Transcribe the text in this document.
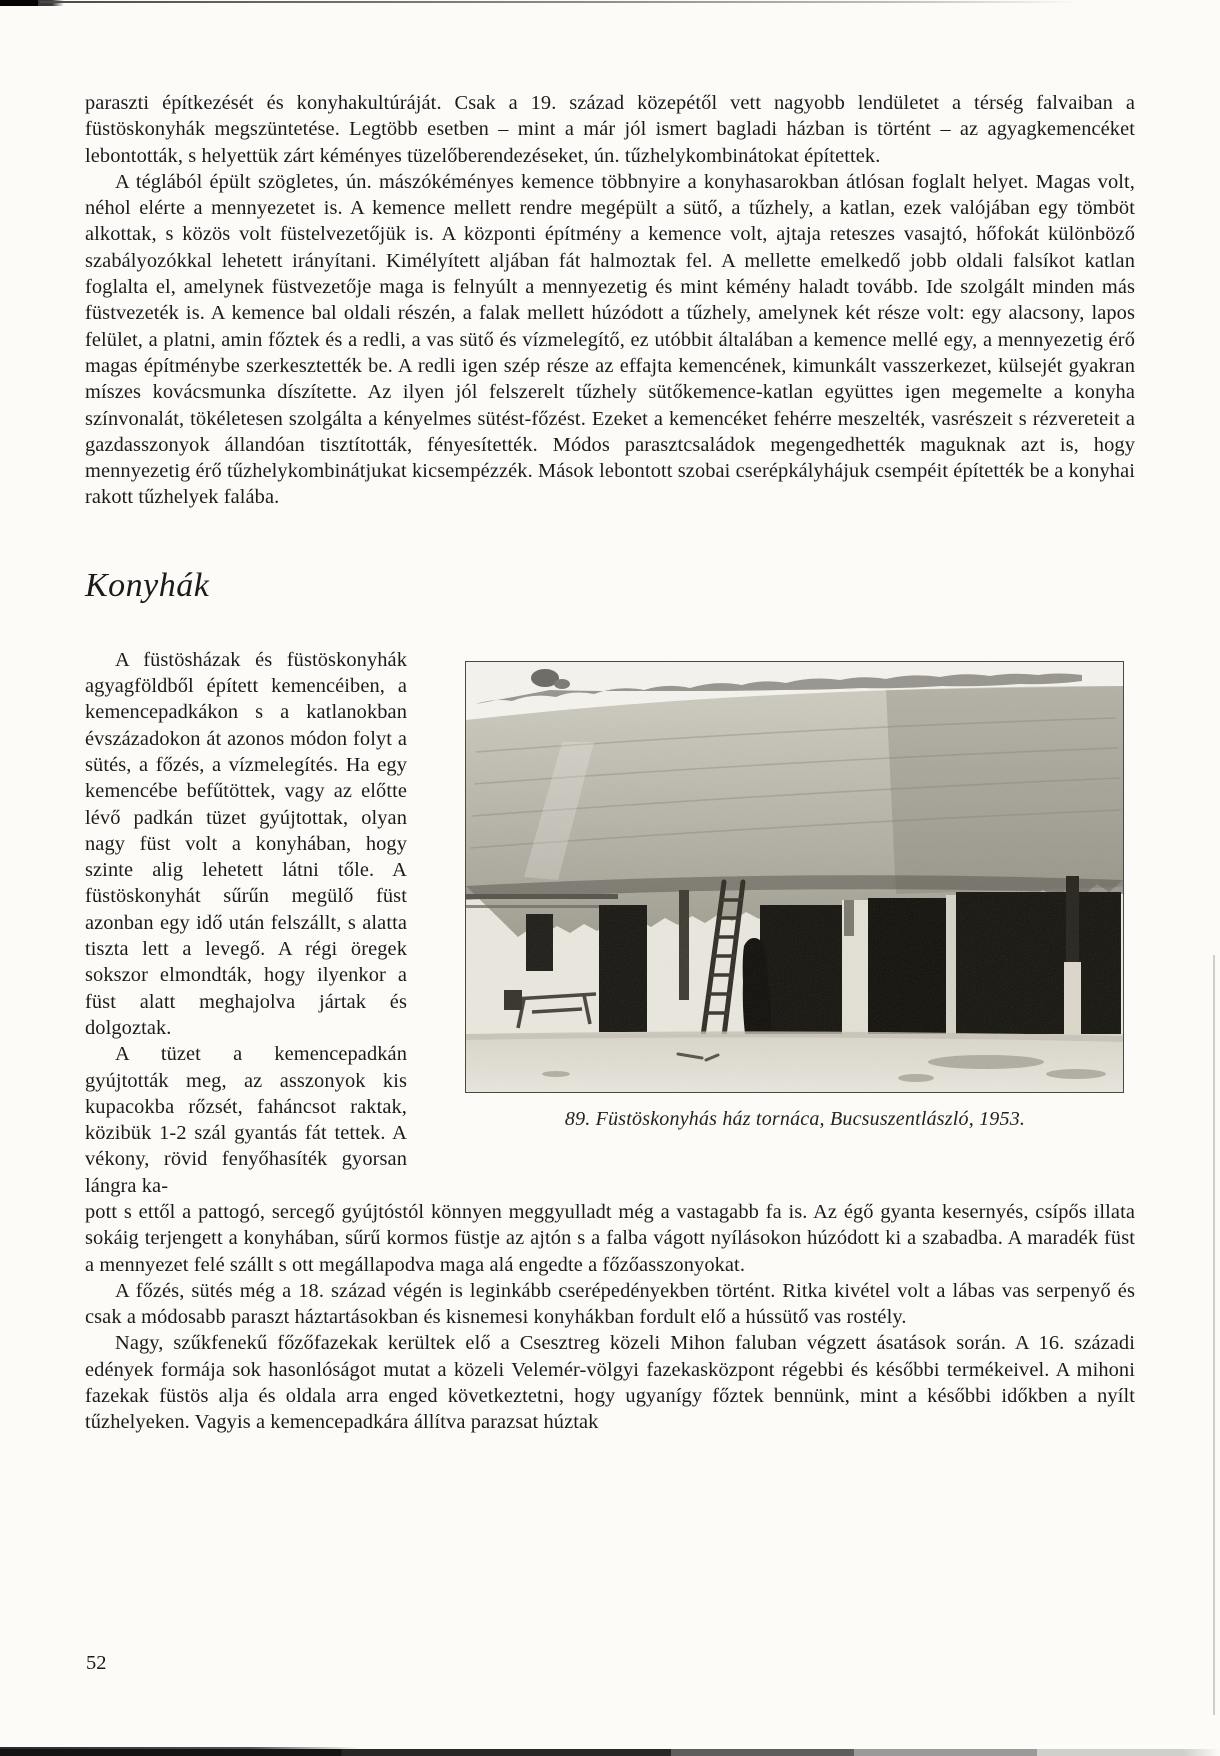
paraszti építkezését és konyhakultúráját. Csak a 19. század közepétől vett nagyobb lendületet a térség falvaiban a füstöskonyhák megszüntetése. Legtöbb esetben – mint a már jól ismert bagladi házban is történt – az agyagkemencéket lebontották, s helyettük zárt kéményes tüzelőberendezéseket, ún. tűzhelykombinátokat építettek.

A téglából épült szögletes, ún. mászókéményes kemence többnyire a konyhasarokban átlósan foglalt helyet. Magas volt, néhol elérte a mennyezetet is. A kemence mellett rendre megépült a sütő, a tűzhely, a katlan, ezek valójában egy tömböt alkottak, s közös volt füstelvezetőjük is. A központi építmény a kemence volt, ajtaja reteszes vasajtó, hőfokát különböző szabályozókkal lehetett irányítani. Kimélyített aljában fát halmoztak fel. A mellette emelkedő jobb oldali falsíkot katlan foglalta el, amelynek füstvezetője maga is felnyúlt a mennyezetig és mint kémény haladt tovább. Ide szolgált minden más füstvezeték is. A kemence bal oldali részén, a falak mellett húzódott a tűzhely, amelynek két része volt: egy alacsony, lapos felület, a platni, amin főztek és a redli, a vas sütő és vízmelegítő, ez utóbbit általában a kemence mellé egy, a mennyezetig érő magas építménybe szerkesztették be. A redli igen szép része az effajta kemencének, kimunkált vasszerkezet, külsejét gyakran míszes kovácsmunka díszítette. Az ilyen jól felszerelt tűzhely sütőkemence-katlan együttes igen megemelte a konyha színvonalát, tökéletesen szolgálta a kényelmes sütést-főzést. Ezeket a kemencéket fehérre meszelték, vasrészeit s rézvereteit a gazdasszonyok állandóan tisztították, fényesítették. Módos parasztcsaládok megengedhették maguknak azt is, hogy mennyezetig érő tűzhelykombinátjukat kicsempézzék. Mások lebontott szobai cserépkályhájuk csempéit építették be a konyhai rakott tűzhelyek falába.

Konyhák

A füstösházak és füstöskonyhák agyagföldből épített kemencéiben, a kemencepadkákon s a katlanokban évszázadokon át azonos módon folyt a sütés, a főzés, a vízmelegítés. Ha egy kemencébe befűtöttek, vagy az előtte lévő padkán tüzet gyújtottak, olyan nagy füst volt a konyhában, hogy szinte alig lehetett látni tőle. A füstöskonyhát sűrűn megülő füst azonban egy idő után felszállt, s alatta tiszta lett a levegő. A régi öregek sokszor elmondták, hogy ilyenkor a füst alatt meghajolva jártak és dolgoztak.

A tüzet a kemencepadkán gyújtották meg, az asszonyok kis kupacokba rőzsét, faháncsot raktak, közibük 1-2 szál gyantás fát tettek. A vékony, rövid fenyőhasíték gyorsan lángra ka-

89. Füstöskonyhás ház tornáca, Bucsuszentlászló, 1953.

pott s ettől a pattogó, sercegő gyújtóstól könnyen meggyulladt még a vastagabb fa is. Az égő gyanta kesernyés, csípős illata sokáig terjengett a konyhában, sűrű kormos füstje az ajtón s a falba vágott nyílásokon húzódott ki a szabadba. A maradék füst a mennyezet felé szállt s ott megállapodva maga alá engedte a főzőasszonyokat.

A főzés, sütés még a 18. század végén is leginkább cserépedényekben történt. Ritka kivétel volt a lábas vas serpenyő és csak a módosabb paraszt háztartásokban és kisnemesi konyhákban fordult elő a hússütő vas rostély.

Nagy, szűkfenekű főzőfazekak kerültek elő a Csesztreg közeli Mihon faluban végzett ásatások során. A 16. századi edények formája sok hasonlóságot mutat a közeli Velemér-völgyi fazekasközpont régebbi és későbbi termékeivel. A mihoni fazekak füstös alja és oldala arra enged következtetni, hogy ugyanígy főztek bennünk, mint a későbbi időkben a nyílt tűzhelyeken. Vagyis a kemencepadkára állítva parazsat húztak

52
